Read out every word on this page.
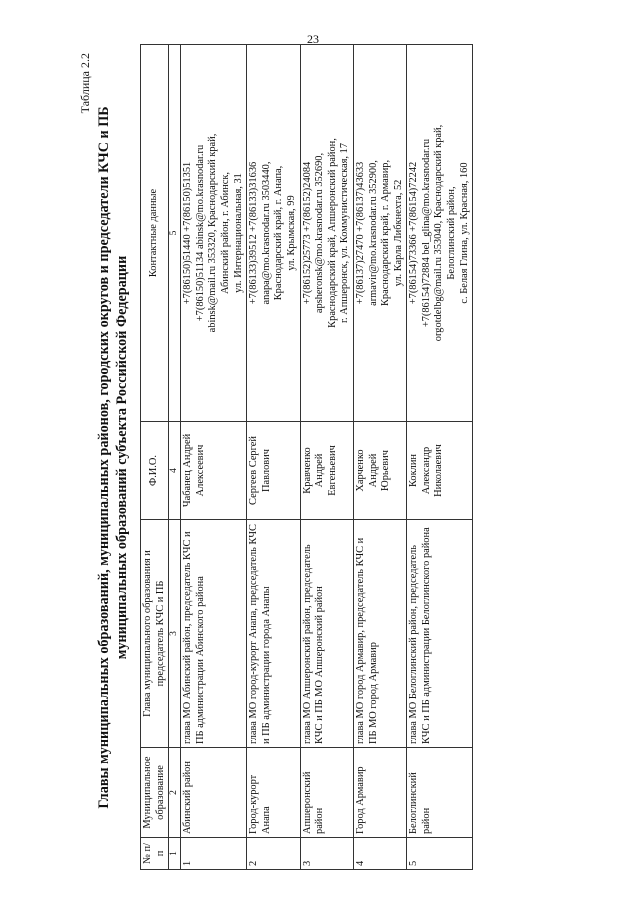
23
Таблица 2.2
Главы муниципальных образований, муниципальных районов, городских округов и председатели КЧС и ПБ муниципальных образований субъекта Российской Федерации
№ п/п	Муниципальное образование	Глава муниципального образования и председатель КЧС и ПБ	Ф.И.О.	Контактные данные
1	2	3	4	5
1	Абинский район	глава МО Абинский район, председатель КЧС и ПБ администрации Абинского района	Чабанец Андрей Алексеевич	+7(86150)51440 +7(86150)51351 +7(86150)51134 abinsk@mo.krasnodar.ru abinsk@mail.ru 353320, Краснодарский край, Абинский район, г. Абинск, ул. Интернациональная, 31

2	Город-курорт Анапа	глава МО город-курорт Анапа, председатель КЧС и ПБ администрации города Анапы	Сергеев Сергей Павлович	+7(86133)39512 +7(86133)31636 anapa@mo.krasnodar.ru 3503440, Краснодарский край, г. Анапа, ул. Крымская, 99

3	Апшеронский район	глава МО Апшеронский район, председатель КЧС и ПБ МО Апшеронский район	Кравченко Андрей Евгеньевич	+7(86152)25773 +7(86152)24084 apsheronsk@mo.krasnodar.ru 352690, Краснодарский край, Апшеронский район, г. Апшеронск, ул. Коммунистическая, 17

4	Город Армавир	глава МО город Армавир, председатель КЧС и ПБ МО город Армавир	Харченко Андрей Юрьевич	+7(86137)27470 +7(86137)43633 armavir@mo.krasnodar.ru 352900, Краснодарский край, г. Армавир, ул. Карла Либкнехта, 52

5	Белоглинский район	глава МО Белоглинский район, председатель КЧС и ПБ администрации Белоглинского района	Коклин Александр Николаевич	+7(86154)73366 +7(86154)72242 +7(86154)72884 bel_glina@mo.krasnodar.ru orgotdelbg@mail.ru 353040, Краснодарский край, Белоглинский район, с. Белая Глина, ул. Красная, 160
